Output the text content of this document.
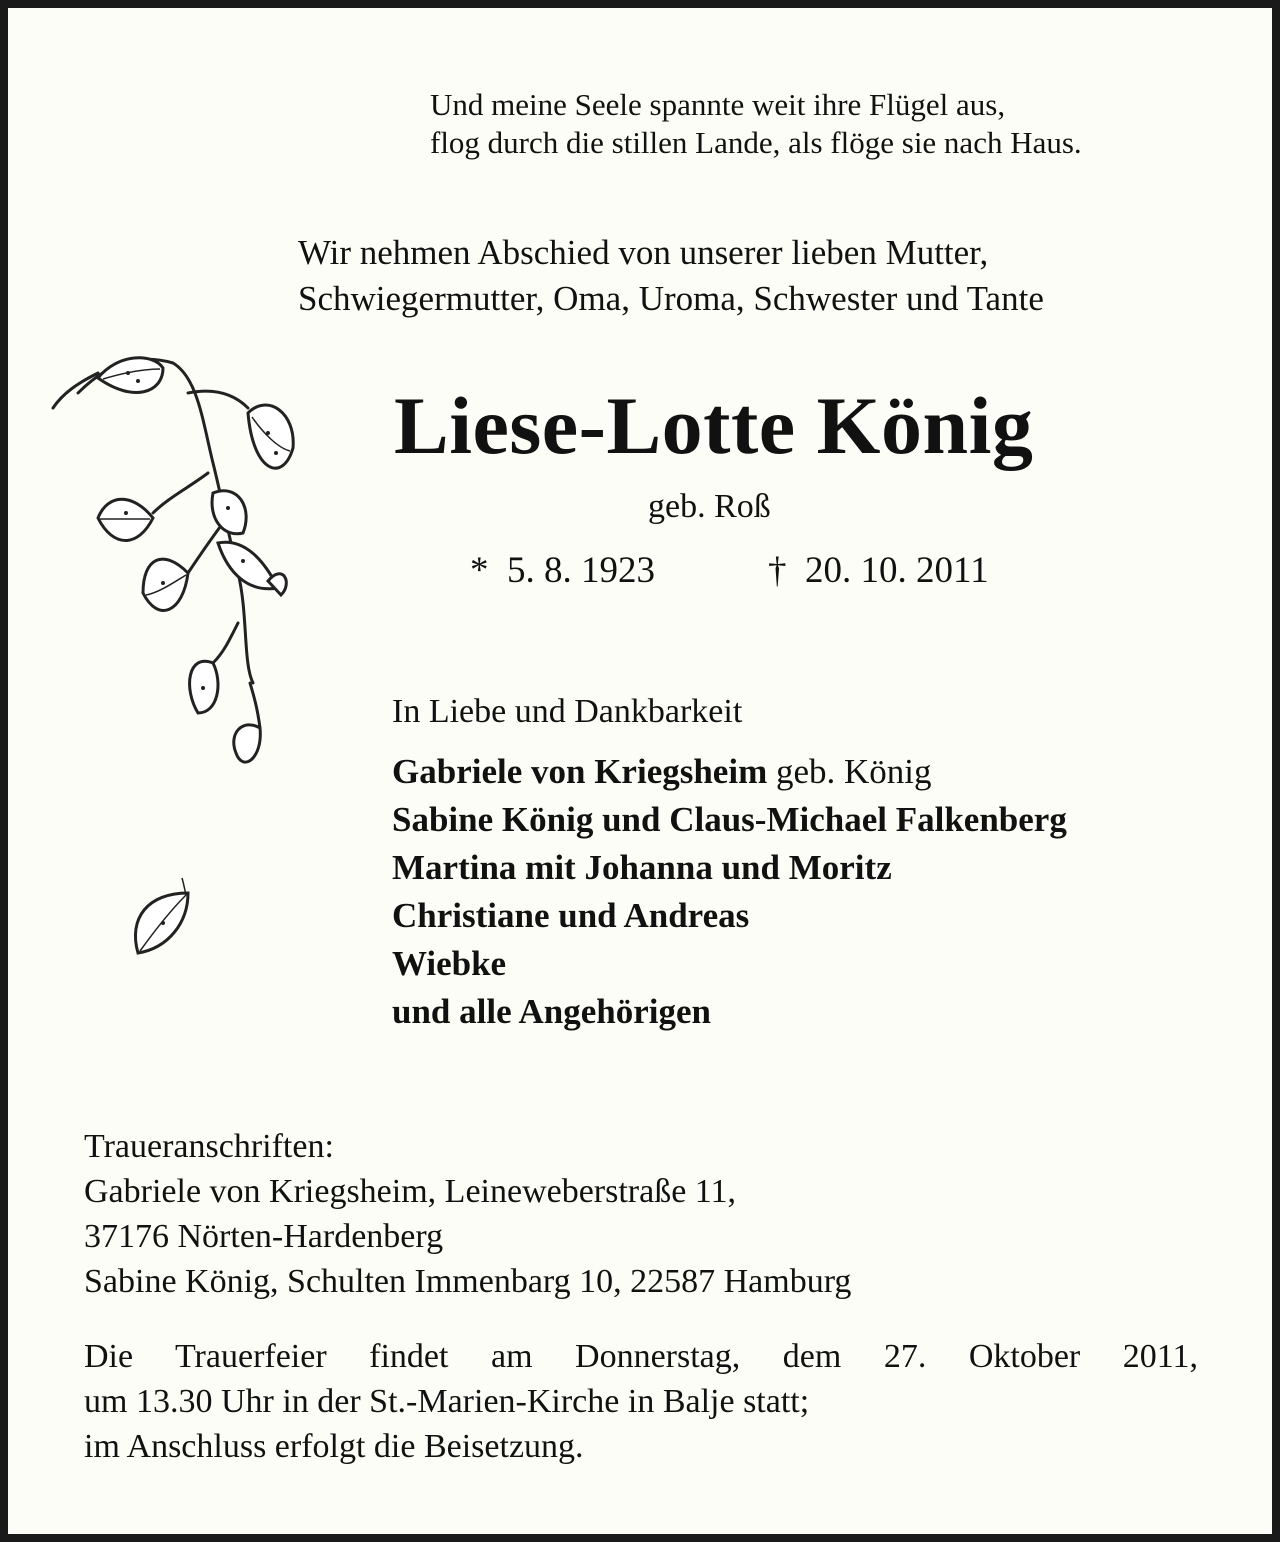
Und meine Seele spannte weit ihre Flügel aus,
flog durch die stillen Lande, als flöge sie nach Haus.
Wir nehmen Abschied von unserer lieben Mutter,
Schwiegermutter, Oma, Uroma, Schwester und Tante
Liese-Lotte König
geb. Roß
* 5. 8. 1923	† 20. 10. 2011
In Liebe und Dankbarkeit
Gabriele von Kriegsheim geb. König
Sabine König und Claus-Michael Falkenberg
Martina mit Johanna und Moritz
Christiane und Andreas
Wiebke
und alle Angehörigen
Traueranschriften:
Gabriele von Kriegsheim, Leineweberstraße 11,
37176 Nörten-Hardenberg
Sabine König, Schulten Immenbarg 10, 22587 Hamburg
Die Trauerfeier findet am Donnerstag, dem 27. Oktober 2011,
um 13.30 Uhr in der St.-Marien-Kirche in Balje statt;
im Anschluss erfolgt die Beisetzung.
